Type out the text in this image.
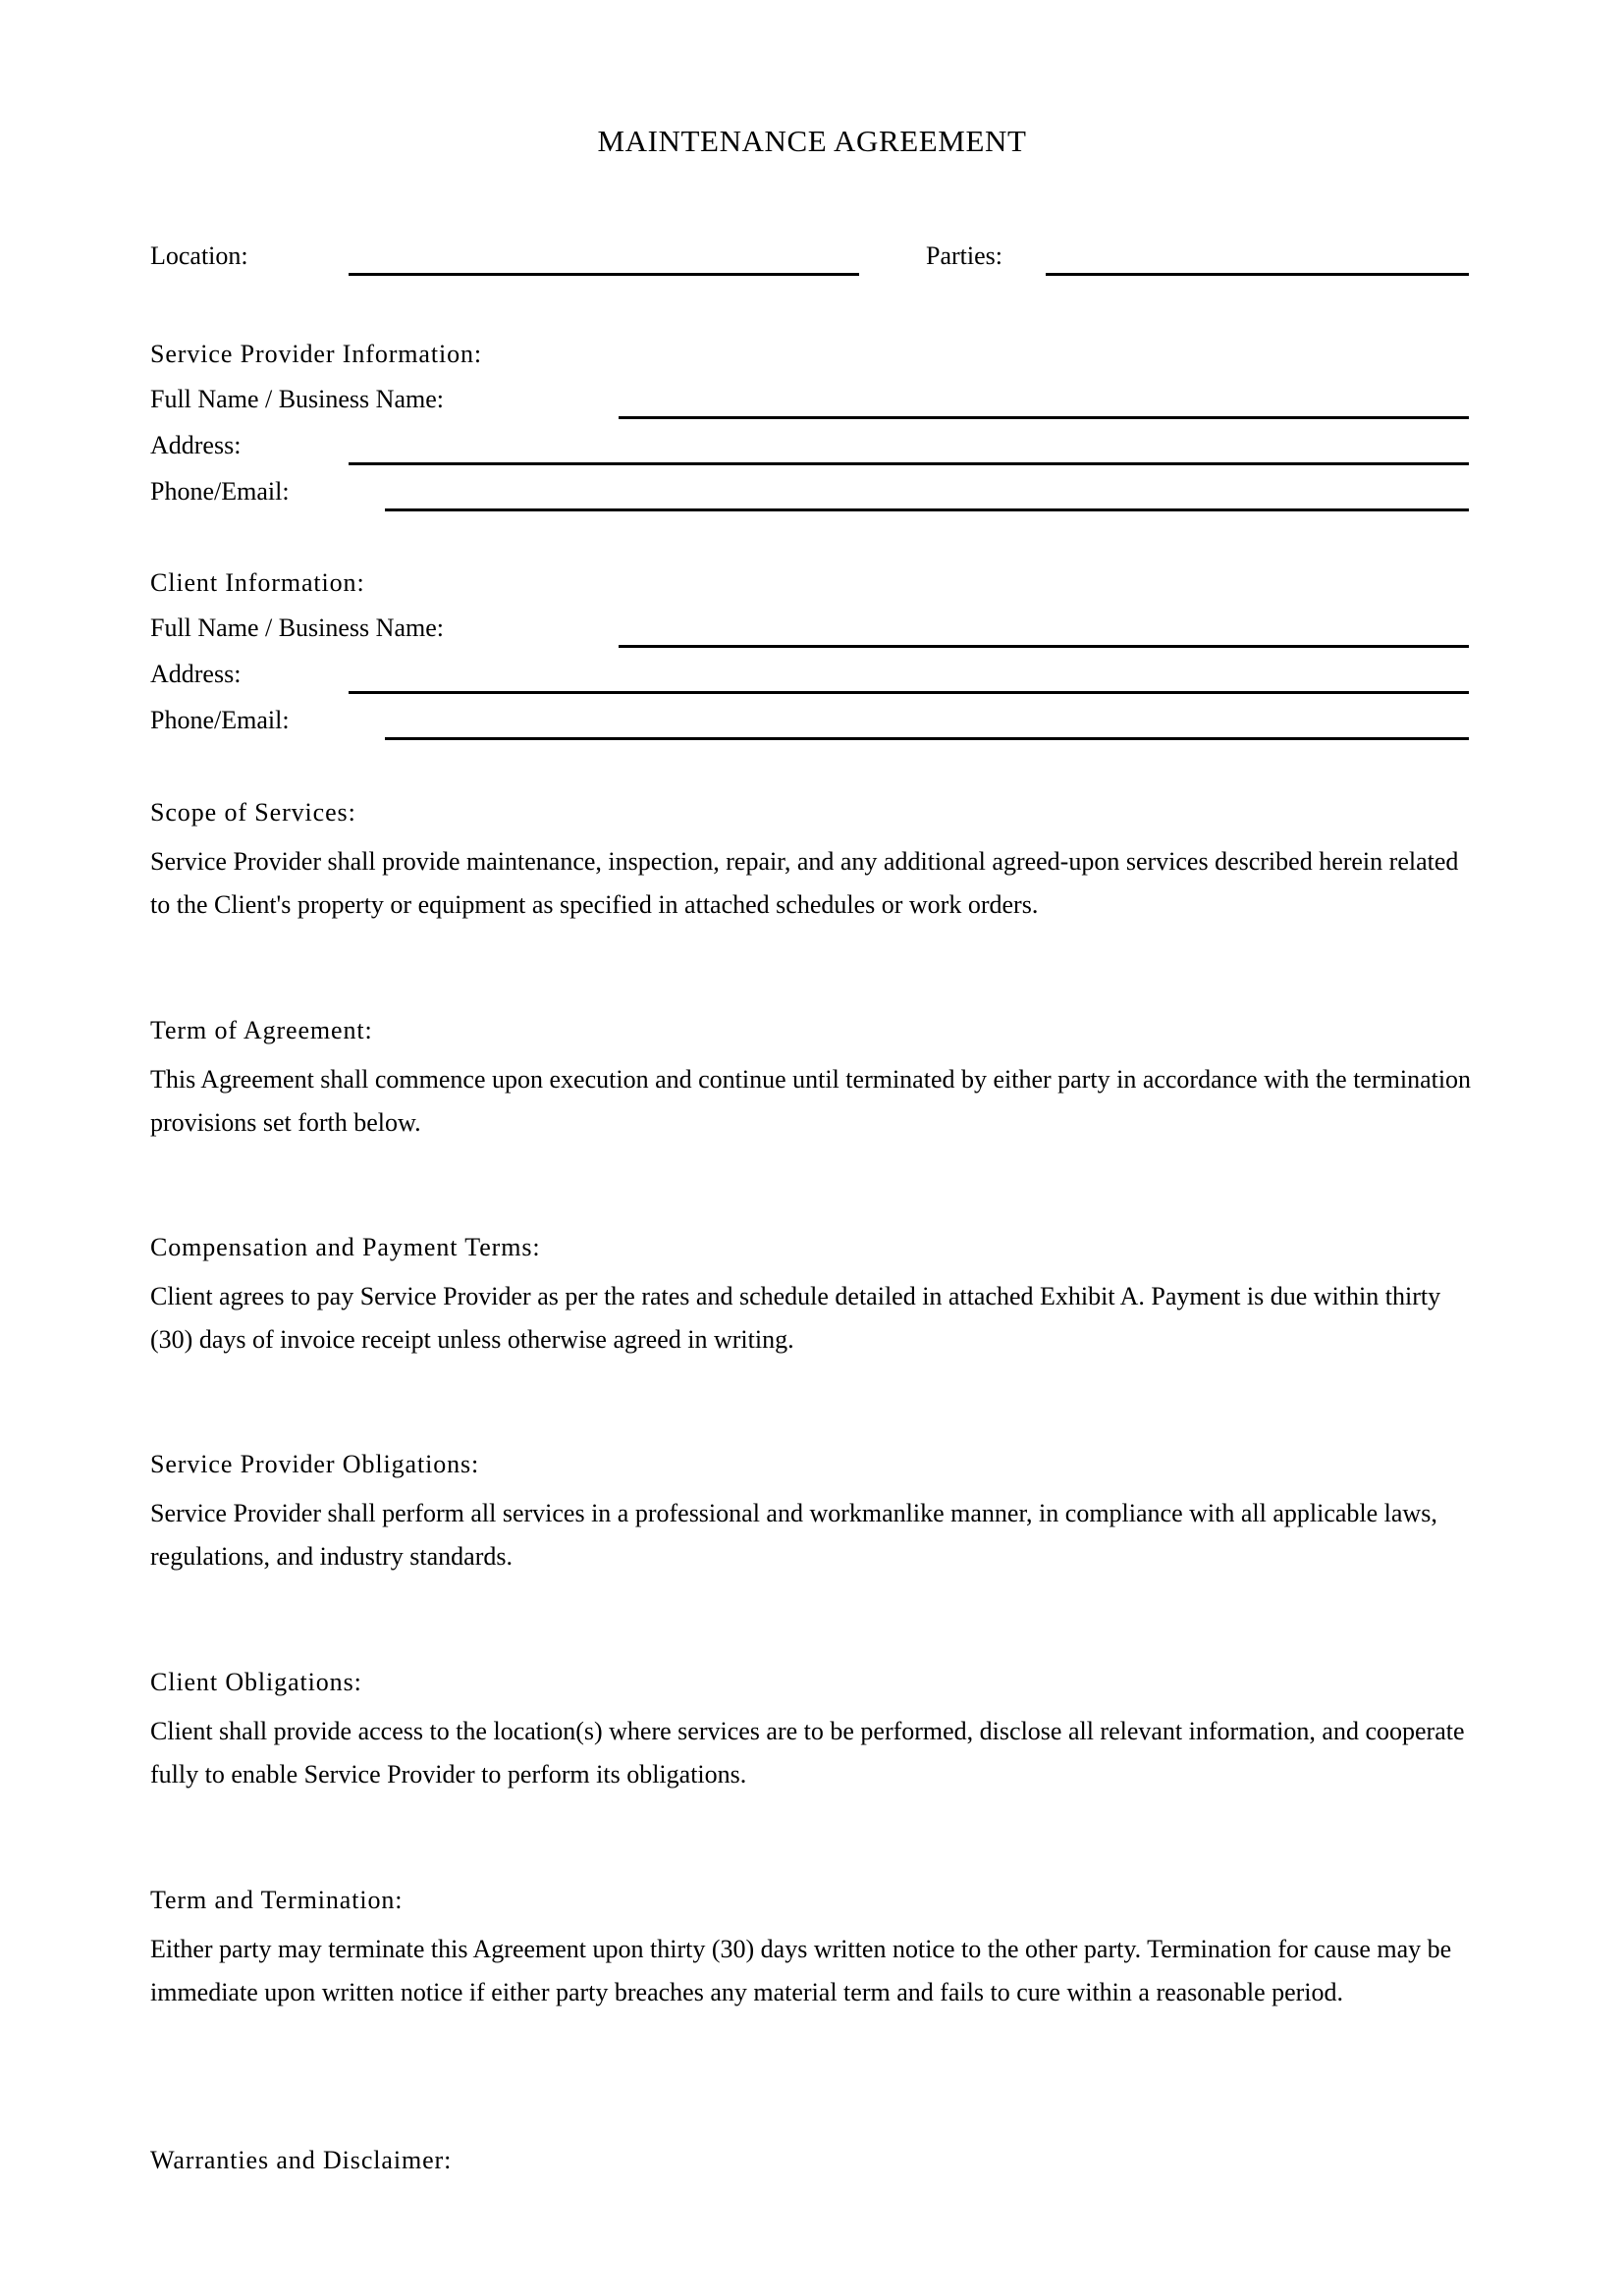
MAINTENANCE AGREEMENT
Location:	Parties:
Service Provider Information:
Full Name / Business Name:
Address:
Phone/Email:
Client Information:
Full Name / Business Name:
Address:
Phone/Email:
Scope of Services:
Service Provider shall provide maintenance, inspection, repair, and any additional agreed-upon services described herein related to the Client's property or equipment as specified in attached schedules or work orders.
Term of Agreement:
This Agreement shall commence upon execution and continue until terminated by either party in accordance with the termination provisions set forth below.
Compensation and Payment Terms:
Client agrees to pay Service Provider as per the rates and schedule detailed in attached Exhibit A. Payment is due within thirty (30) days of invoice receipt unless otherwise agreed in writing.
Service Provider Obligations:
Service Provider shall perform all services in a professional and workmanlike manner, in compliance with all applicable laws, regulations, and industry standards.
Client Obligations:
Client shall provide access to the location(s) where services are to be performed, disclose all relevant information, and cooperate fully to enable Service Provider to perform its obligations.
Term and Termination:
Either party may terminate this Agreement upon thirty (30) days written notice to the other party. Termination for cause may be immediate upon written notice if either party breaches any material term and fails to cure within a reasonable period.
Warranties and Disclaimer:
